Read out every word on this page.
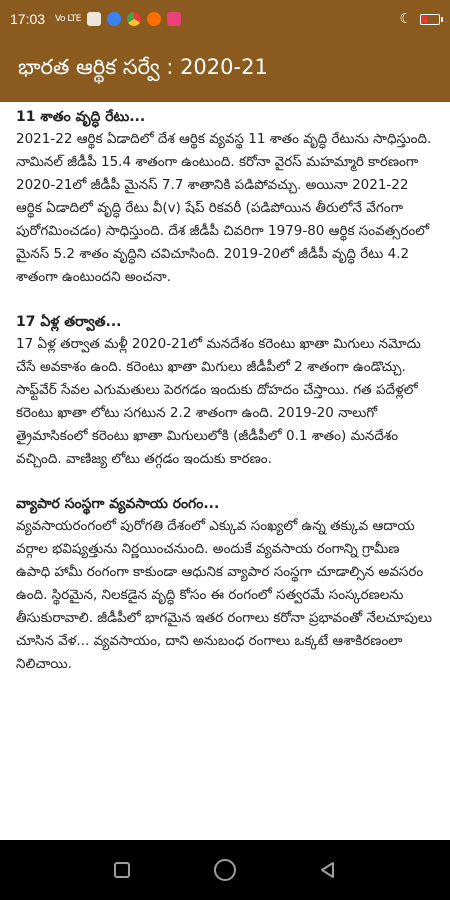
17:03 Vo LTE	☾
భారత ఆర్థిక సర్వే : 2020-21
11 శాతం వృద్ధి రేటు...
2021-22 ఆర్థిక ఏడాదిలో దేశ ఆర్థిక వ్యవస్థ 11 శాతం వృద్ధి రేటును సాధిస్తుంది. నామినల్ జీడీపీ 15.4 శాతంగా ఉంటుంది. కరోనా వైరస్ మహమ్మారి కారణంగా 2020-21లో జీడీపీ మైనస్ 7.7 శాతానికి పడిపోవచ్చు. అయినా 2021-22 ఆర్థిక ఏడాదిలో వృద్ధి రేటు వీ(v) షేప్ రికవరీ (పడిపోయిన తీరులోనే వేగంగా పురోగమించడం) సాధిస్తుంది. దేశ జీడీపీ చివరిగా 1979-80 ఆర్థిక సంవత్సరంలో మైనస్ 5.2 శాతం వృద్ధిని చవిచూసింది. 2019-20లో జీడీపీ వృద్ధి రేటు 4.2 శాతంగా ఉంటుందని అంచనా.
17 ఏళ్ల తర్వాత...
17 ఏళ్ల తర్వాత మళ్లీ 2020-21లో మనదేశం కరెంటు ఖాతా మిగులు నమోదు చేసే అవకాశం ఉంది. కరెంటు ఖాతా మిగులు జీడీపీలో 2 శాతంగా ఉండొచ్చు. సాఫ్ట్‌వేర్ సేవల ఎగుమతులు పెరగడం ఇందుకు దోహదం చేస్తాయి. గత పదేళ్లలో కరెంటు ఖాతా లోటు సగటున 2.2 శాతంగా ఉంది. 2019-20 నాలుగో త్రైమాసికంలో కరెంటు ఖాతా మిగులులోకి (జీడీపీలో 0.1 శాతం) మనదేశం వచ్చింది. వాణిజ్య లోటు తగ్గడం ఇందుకు కారణం.
వ్యాపార సంస్థగా వ్యవసాయ రంగం...
వ్యవసాయరంగంలో పురోగతి దేశంలో ఎక్కువ సంఖ్యలో ఉన్న తక్కువ ఆదాయ వర్గాల భవిష్యత్తును నిర్ణయించనుంది. అందుకే వ్యవసాయ రంగాన్ని గ్రామీణ ఉపాధి హామీ రంగంగా కాకుండా ఆధునిక వ్యాపార సంస్థగా చూడాల్సిన అవసరం ఉంది. స్థిరమైన, నిలకడైన వృద్ధి కోసం ఈ రంగంలో సత్వరమే సంస్కరణలను తీసుకురావాలి. జీడీపీలో భాగమైన ఇతర రంగాలు కరోనా ప్రభావంతో నేలచూపులు చూసిన వేళ... వ్యవసాయం, దాని అనుబంధ రంగాలు ఒక్కటే ఆశాకిరణంలా నిలిచాయి.
